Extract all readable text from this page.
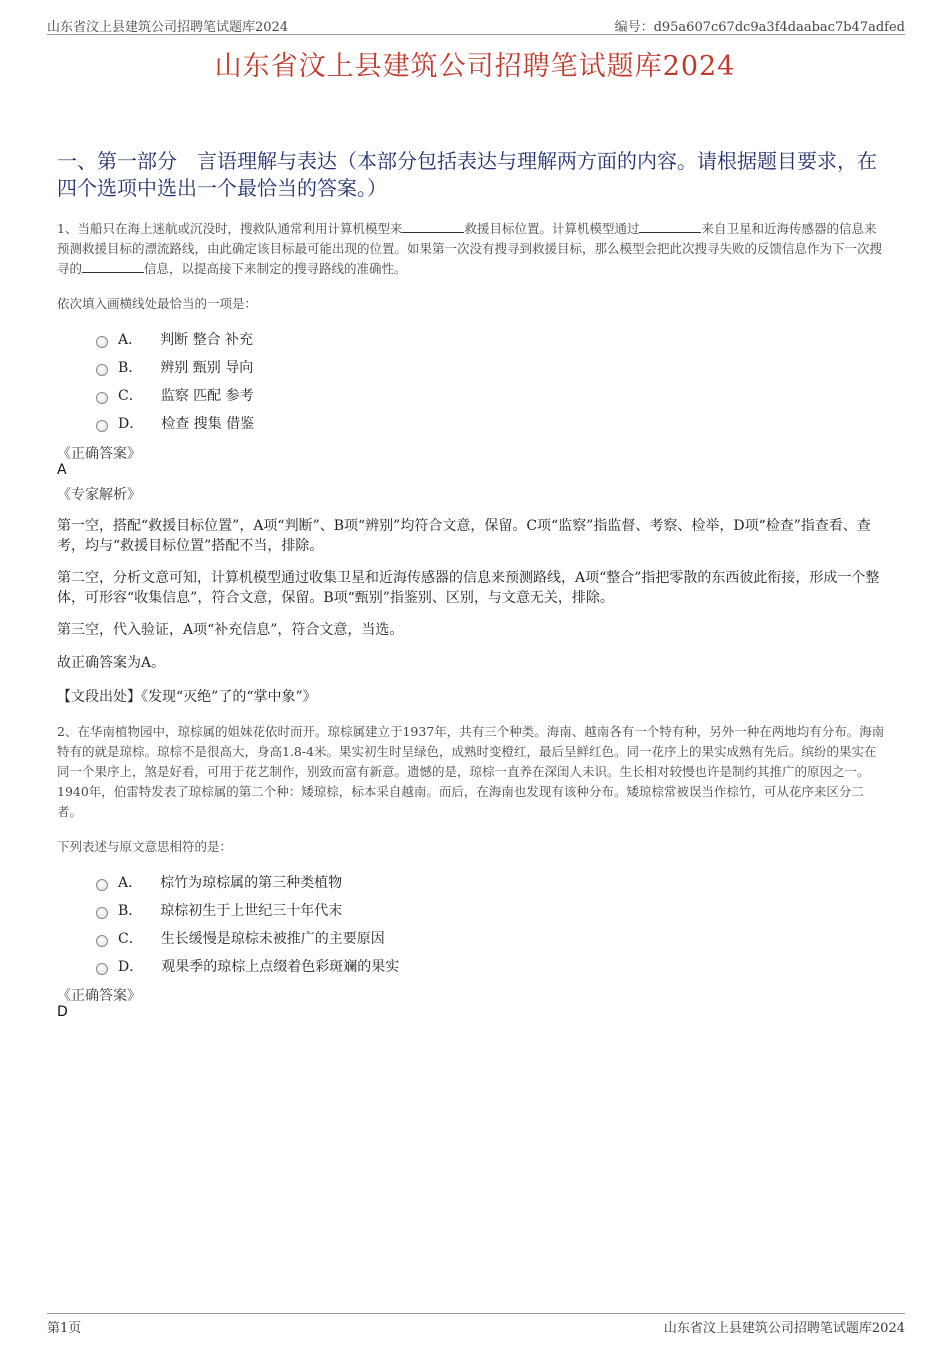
山东省汶上县建筑公司招聘笔试题库2024	编号：d95a607c67dc9a3f4daabac7b47adfed
山东省汶上县建筑公司招聘笔试题库2024
一、第一部分　言语理解与表达（本部分包括表达与理解两方面的内容。请根据题目要求，在四个选项中选出一个最恰当的答案。）
1、当船只在海上迷航或沉没时，搜救队通常利用计算机模型来	救援目标位置。计算机模型通过	来自卫星和近海传感器的信息来预测救援目标的漂流路线，由此确定该目标最可能出现的位置。如果第一次没有搜寻到救援目标，那么模型会把此次搜寻失败的反馈信息作为下一次搜寻的	信息，以提高接下来制定的搜寻路线的准确性。
依次填入画横线处最恰当的一项是：
A． 判断 整合 补充
B． 辨别 甄别 导向
C． 监察 匹配 参考
D． 检查 搜集 借鉴
《正确答案》
A
《专家解析》
第一空，搭配“救援目标位置”，A项“判断”、B项“辨别”均符合文意，保留。C项“监察”指监督、考察、检举，D项“检查”指查看、查考，均与“救援目标位置”搭配不当，排除。
第二空，分析文意可知，计算机模型通过收集卫星和近海传感器的信息来预测路线，A项“整合”指把零散的东西彼此衔接，形成一个整体，可形容“收集信息”，符合文意，保留。B项“甄别”指鉴别、区别，与文意无关，排除。
第三空，代入验证，A项“补充信息”，符合文意，当选。
故正确答案为A。
【文段出处】《发现“灭绝”了的“掌中象”》
2、在华南植物园中，琼棕属的姐妹花依时而开。琼棕属建立于1937年，共有三个种类。海南、越南各有一个特有种，另外一种在两地均有分布。海南特有的就是琼棕。琼棕不是很高大，身高1.8-4米。果实初生时呈绿色，成熟时变橙红，最后呈鲜红色。同一花序上的果实成熟有先后。缤纷的果实在同一个果序上，煞是好看，可用于花艺制作，别致而富有新意。遗憾的是，琼棕一直养在深闺人未识。生长相对较慢也许是制约其推广的原因之一。1940年，伯雷特发表了琼棕属的第二个种：矮琼棕，标本采自越南。而后，在海南也发现有该种分布。矮琼棕常被误当作棕竹，可从花序来区分二者。
下列表述与原文意思相符的是：
A． 棕竹为琼棕属的第三种类植物
B． 琼棕初生于上世纪三十年代末
C． 生长缓慢是琼棕未被推广的主要原因
D． 观果季的琼棕上点缀着色彩斑斓的果实
《正确答案》
D
第1页	山东省汶上县建筑公司招聘笔试题库2024
